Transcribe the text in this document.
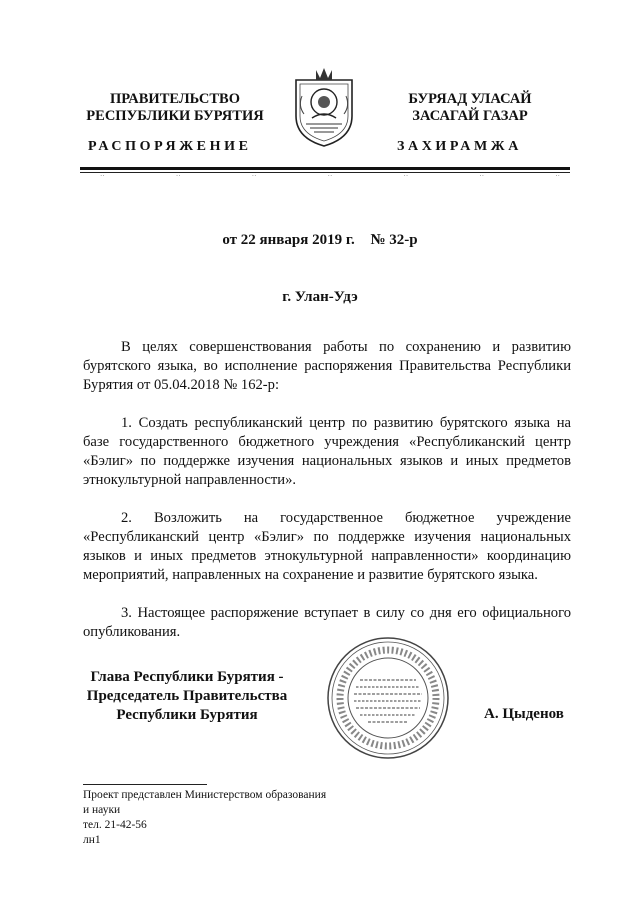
ПРАВИТЕЛЬСТВО
РЕСПУБЛИКИ БУРЯТИЯ
РАСПОРЯЖЕНИЕ
БУРЯАД УЛАСАЙ
ЗАСАГАЙ ГАЗАР
ЗАХИРАМЖА
··	··	··	··	··	··	··
от 22 января 2019 г. № 32-р
г. Улан-Удэ

В целях совершенствования работы по сохранению и развитию бурятского языка, во исполнение распоряжения Правительства Республики Бурятия от 05.04.2018 № 162-р:

1. Создать республиканский центр по развитию бурятского языка на базе государственного бюджетного учреждения «Республиканский центр «Бэлиг» по поддержке изучения национальных языков и иных предметов этнокультурной направленности».

2. Возложить на государственное бюджетное учреждение «Республиканский центр «Бэлиг» по поддержке изучения национальных языков и иных предметов этнокультурной направленности» координацию мероприятий, направленных на сохранение и развитие бурятского языка.

3. Настоящее распоряжение вступает в силу со дня его официального опубликования.

Глава Республики Бурятия -
Председатель Правительства
Республики Бурятия	А. Цыденов
Проект представлен Министерством образования
и науки
тел. 21-42-56
лн1
